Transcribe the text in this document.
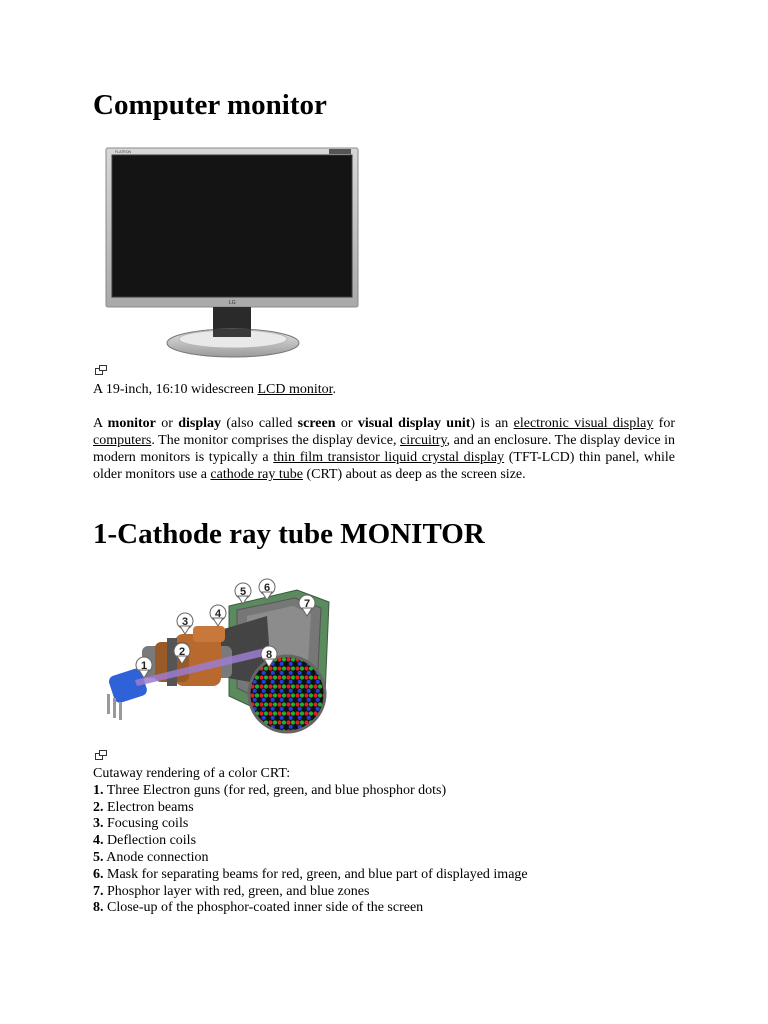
Computer monitor
FLATRON
LG
A 19-inch, 16:10 widescreen LCD monitor.
A monitor or display (also called screen or visual display unit) is an electronic visual display for computers. The monitor comprises the display device, circuitry, and an enclosure. The display device in modern monitors is typically a thin film transistor liquid crystal display (TFT-LCD) thin panel, while older monitors use a cathode ray tube (CRT) about as deep as the screen size.
1-Cathode ray tube MONITOR
1
2
3
4
5 6
7
8
Cutaway rendering of a color CRT:
1. Three Electron guns (for red, green, and blue phosphor dots)
2. Electron beams
3. Focusing coils
4. Deflection coils
5. Anode connection
6. Mask for separating beams for red, green, and blue part of displayed image
7. Phosphor layer with red, green, and blue zones
8. Close-up of the phosphor-coated inner side of the screen
